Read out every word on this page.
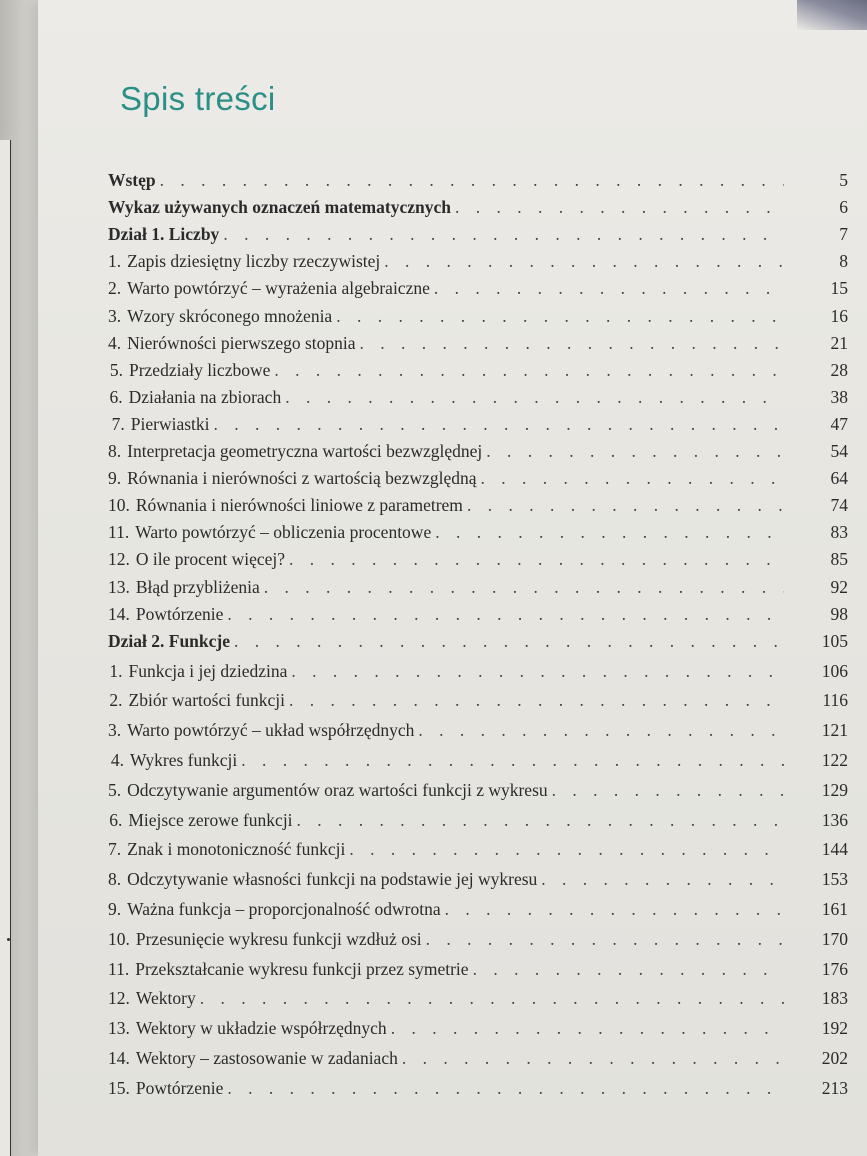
Spis treści
Wstęp . . .	5
Wykaz używanych oznaczeń matematycznych . . .	6
Dział 1. Liczby . . .	7
1. Zapis dziesiętny liczby rzeczywistej . . .	8
2. Warto powtórzyć – wyrażenia algebraiczne . . .	15
3. Wzory skróconego mnożenia . . .	16
4. Nierówności pierwszego stopnia . . .	21
5. Przedziały liczbowe . . .	28
6. Działania na zbiorach . . .	38
7. Pierwiastki . . .	47
8. Interpretacja geometryczna wartości bezwzględnej . . .	54
9. Równania i nierówności z wartością bezwzględną . . .	64
10. Równania i nierówności liniowe z parametrem . . .	74
11. Warto powtórzyć – obliczenia procentowe . . .	83
12. O ile procent więcej? . . .	85
13. Błąd przybliżenia . . .	92
14. Powtórzenie . . .	98
Dział 2. Funkcje . . .	105
1. Funkcja i jej dziedzina . . .	106
2. Zbiór wartości funkcji . . .	116
3. Warto powtórzyć – układ współrzędnych . . .	121
4. Wykres funkcji . . .	122
5. Odczytywanie argumentów oraz wartości funkcji z wykresu . . .	129
6. Miejsce zerowe funkcji . . .	136
7. Znak i monotoniczność funkcji . . .	144
8. Odczytywanie własności funkcji na podstawie jej wykresu . . .	153
9. Ważna funkcja – proporcjonalność odwrotna . . .	161
10. Przesunięcie wykresu funkcji wzdłuż osi . . .	170
11. Przekształcanie wykresu funkcji przez symetrie . . .	176
12. Wektory . . .	183
13. Wektory w układzie współrzędnych . . .	192
14. Wektory – zastosowanie w zadaniach . . .	202
15. Powtórzenie . . .	213
